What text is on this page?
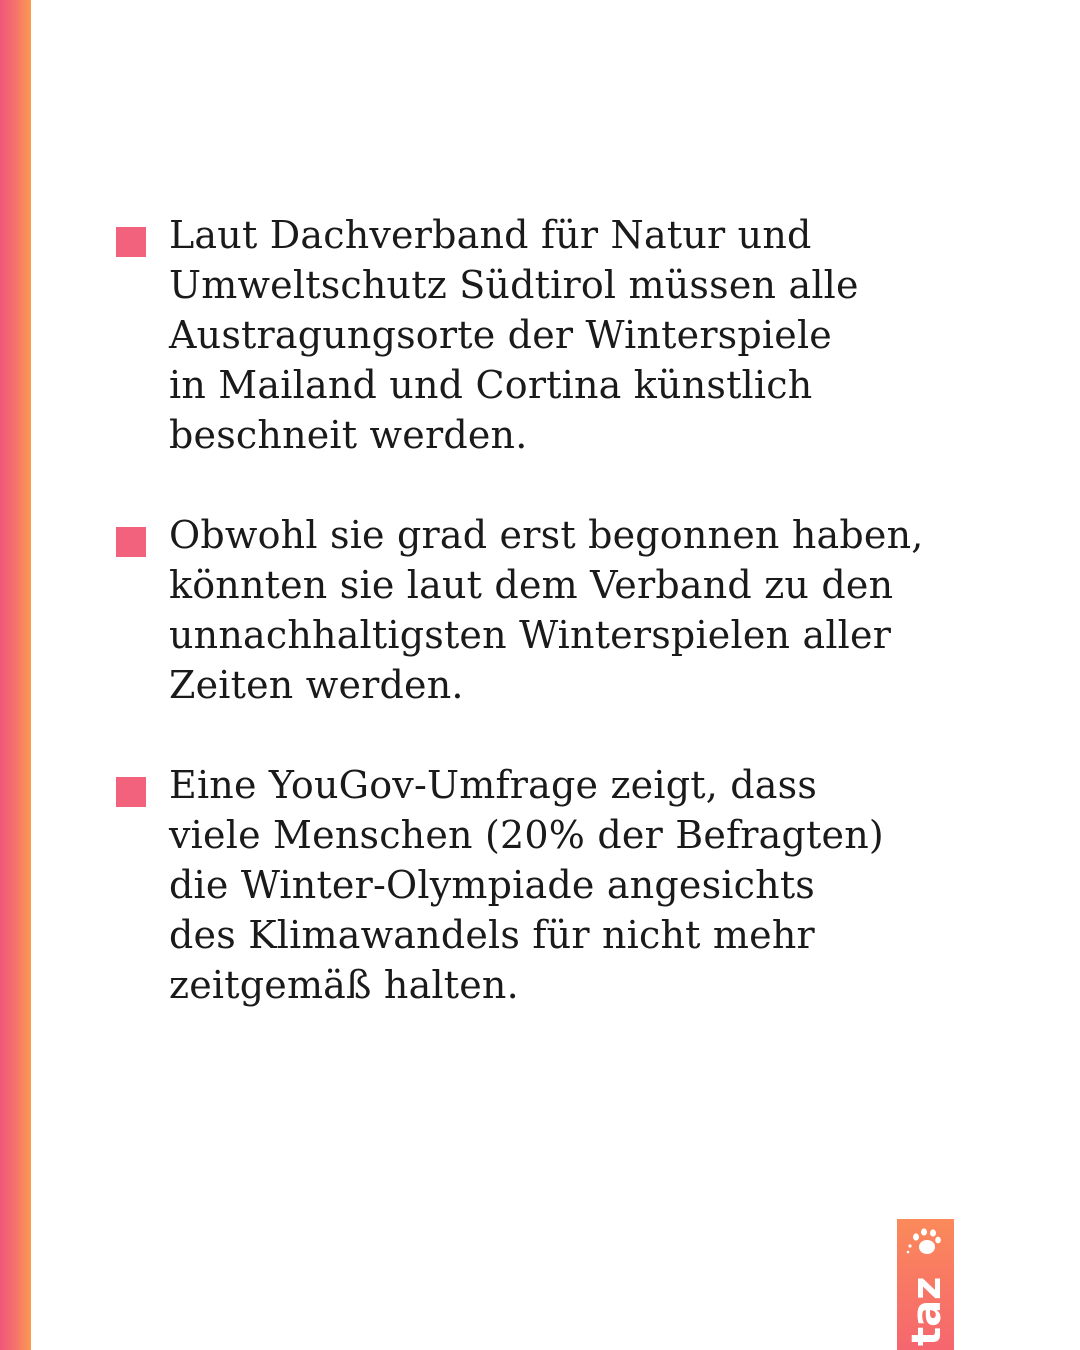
Laut Dachverband für Natur und
Umweltschutz Südtirol müssen alle
Austragungsorte der Winterspiele
in Mailand und Cortina künstlich
beschneit werden.
Obwohl sie grad erst begonnen haben,
könnten sie laut dem Verband zu den
unnachhaltigsten Winterspielen aller
Zeiten werden.
Eine YouGov-Umfrage zeigt, dass
viele Menschen (20% der Befragten)
die Winter-Olympiade angesichts
des Klimawandels für nicht mehr
zeitgemäß halten.
taz
